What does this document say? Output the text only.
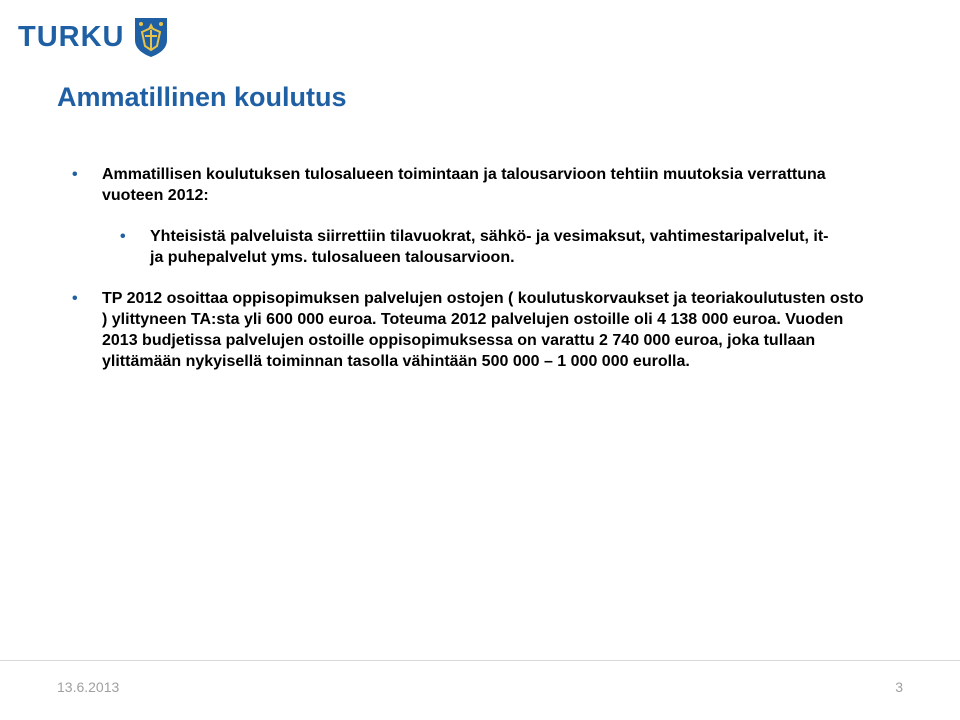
TURKU
Ammatillinen koulutus
• Ammatillisen koulutuksen tulosalueen toimintaan ja talousarvioon tehtiin muutoksia verrattuna vuoteen 2012:
• Yhteisistä palveluista siirrettiin tilavuokrat, sähkö- ja vesimaksut, vahtimestaripalvelut, it- ja puhepalvelut yms. tulosalueen talousarvioon.
• TP 2012 osoittaa oppisopimuksen palvelujen ostojen ( koulutuskorvaukset ja teoriakoulutusten osto ) ylittyneen TA:sta yli 600 000 euroa. Toteuma 2012 palvelujen ostoille oli 4 138 000 euroa. Vuoden 2013 budjetissa palvelujen ostoille oppisopimuksessa on varattu 2 740 000 euroa, joka tullaan ylittämään nykyisellä toiminnan tasolla vähintään 500 000 – 1 000 000 eurolla.
13.6.2013	3
